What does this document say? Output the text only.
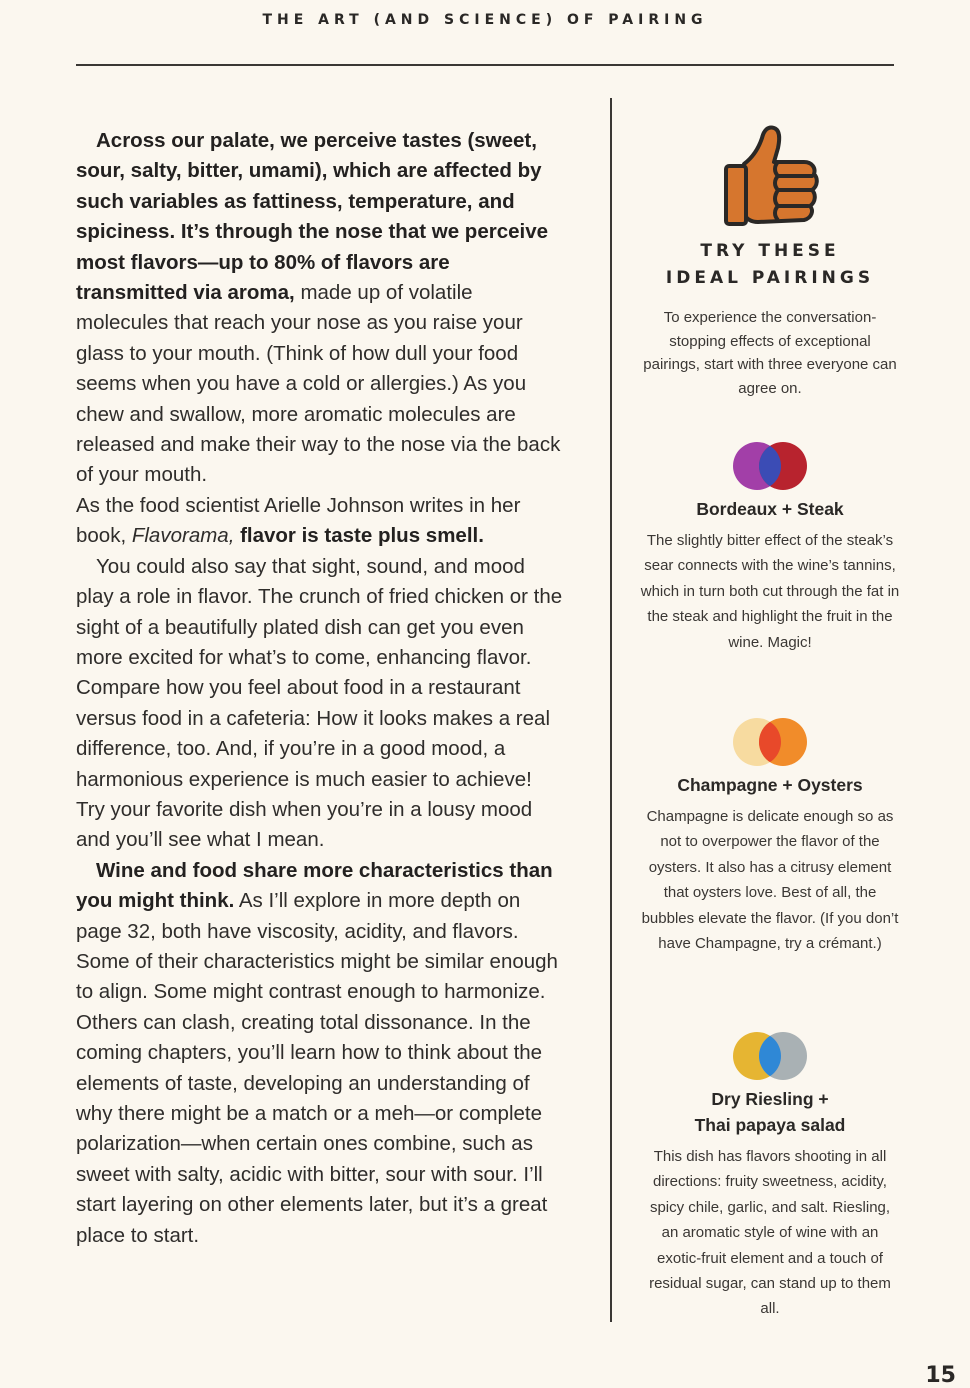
THE ART (AND SCIENCE) OF PAIRING

Across our palate, we perceive tastes (sweet, sour, salty, bitter, umami), which are affected by such variables as fattiness, temperature, and spiciness. It’s through the nose that we perceive most flavors—up to 80% of flavors are transmitted via aroma, made up of volatile molecules that reach your nose as you raise your glass to your mouth. (Think of how dull your food seems when you have a cold or allergies.) As you chew and swallow, more aromatic molecules are released and make their way to the nose via the back of your mouth.

As the food scientist Arielle Johnson writes in her book, Flavorama, flavor is taste plus smell.

You could also say that sight, sound, and mood play a role in flavor. The crunch of fried chicken or the sight of a beautifully plated dish can get you even more excited for what’s to come, enhancing flavor. Compare how you feel about food in a restaurant versus food in a cafeteria: How it looks makes a real difference, too. And, if you’re in a good mood, a harmonious experience is much easier to achieve! Try your favorite dish when you’re in a lousy mood and you’ll see what I mean.

Wine and food share more characteristics than you might think. As I’ll explore in more depth on page 32, both have viscosity, acidity, and flavors. Some of their characteristics might be similar enough to align. Some might contrast enough to harmonize. Others can clash, creating total dissonance. In the coming chapters, you’ll learn how to think about the elements of taste, developing an understanding of why there might be a match or a meh—or complete polarization—when certain ones combine, such as sweet with salty, acidic with bitter, sour with sour. I’ll start layering on other elements later, but it’s a great place to start.

TRY THESE
IDEAL PAIRINGS

To experience the conversation-stopping effects of exceptional pairings, start with three everyone can agree on.

Bordeaux + Steak
The slightly bitter effect of the steak’s sear connects with the wine’s tannins, which in turn both cut through the fat in the steak and highlight the fruit in the wine. Magic!
Champagne + Oysters
Champagne is delicate enough so as not to overpower the flavor of the oysters. It also has a citrusy element that oysters love. Best of all, the bubbles elevate the flavor. (If you don’t have Champagne, try a crémant.)
Dry Riesling +
Thai papaya salad
This dish has flavors shooting in all directions: fruity sweetness, acidity, spicy chile, garlic, and salt. Riesling, an aromatic style of wine with an exotic-fruit element and a touch of residual sugar, can stand up to them all.
15
